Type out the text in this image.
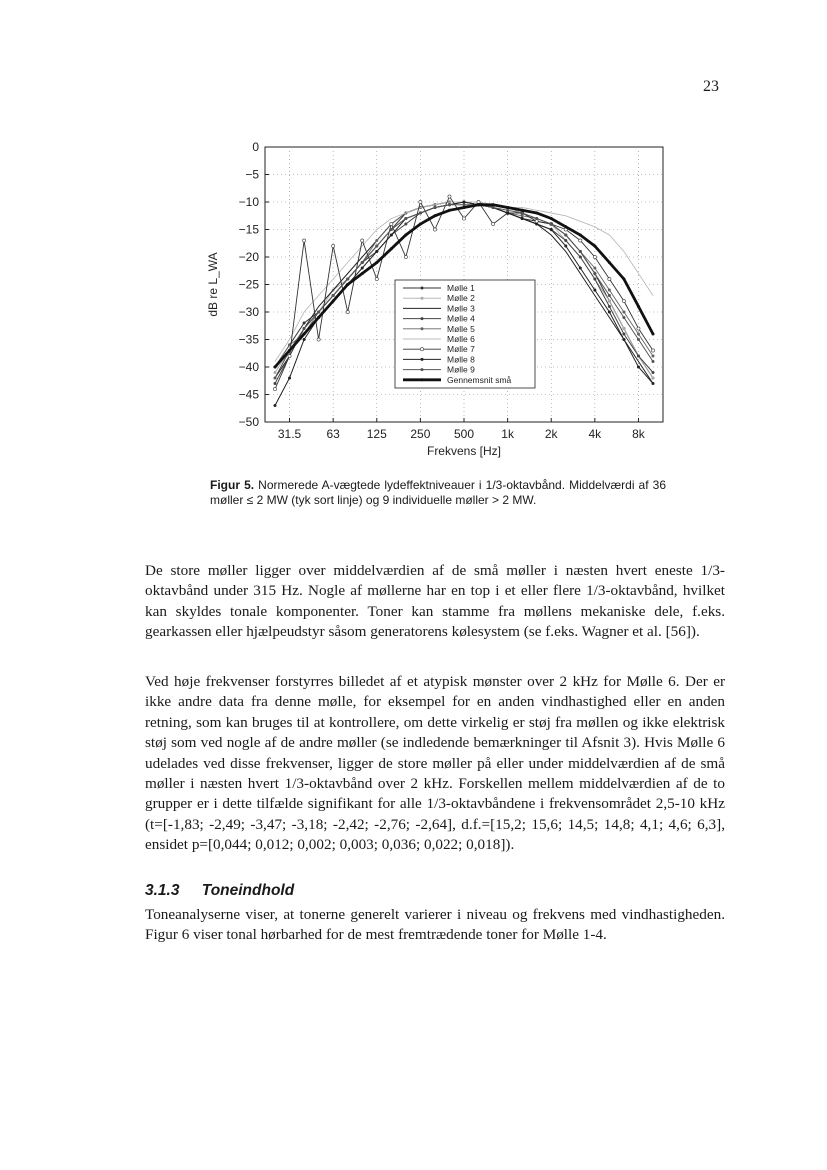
23
0
−5
−10
−15
−20
−25
−30
−35
−40
−45
−50
31.5 63 125 250 500 1k	2k	4k	8k
Frekvens [Hz]
dB re L_WA	Mølle 1
Mølle 2
Mølle 3
Mølle 4
Mølle 5
Mølle 6
Mølle 7
Mølle 8
Mølle 9
Gennemsnit små
Figur 5. Normerede A-vægtede lydeffektniveauer i 1/3-oktavbånd. Middelværdi af 36 møller ≤ 2 MW (tyk sort linje) og 9 individuelle møller > 2 MW.
De store møller ligger over middelværdien af de små møller i næsten hvert eneste 1/3-oktavbånd under 315 Hz. Nogle af møllerne har en top i et eller flere 1/3-oktavbånd, hvilket kan skyldes tonale komponenter. Toner kan stamme fra møllens mekaniske dele, f.eks. gearkassen eller hjælpeudstyr såsom generatorens kølesystem (se f.eks. Wagner et al. [56]).
Ved høje frekvenser forstyrres billedet af et atypisk mønster over 2 kHz for Mølle 6. Der er ikke andre data fra denne mølle, for eksempel for en anden vindhastighed eller en anden retning, som kan bruges til at kontrollere, om dette virkelig er støj fra møllen og ikke elektrisk støj som ved nogle af de andre møller (se indledende bemærkninger til Afsnit 3). Hvis Mølle 6 udelades ved disse frekvenser, ligger de store møller på eller under middelværdien af de små møller i næsten hvert 1/3-oktavbånd over 2 kHz. Forskellen mellem middelværdien af de to grupper er i dette tilfælde signifikant for alle 1/3-oktavbåndene i frekvensområdet 2,5-10 kHz (t=[-1,83; -2,49; -3,47; -3,18; -2,42; -2,76; -2,64], d.f.=[15,2; 15,6; 14,5; 14,8; 4,1; 4,6; 6,3], ensidet p=[0,044; 0,012; 0,002; 0,003; 0,036; 0,022; 0,018]).
3.1.3 Toneindhold
Toneanalyserne viser, at tonerne generelt varierer i niveau og frekvens med vindhastigheden. Figur 6 viser tonal hørbarhed for de mest fremtrædende toner for Mølle 1-4.
